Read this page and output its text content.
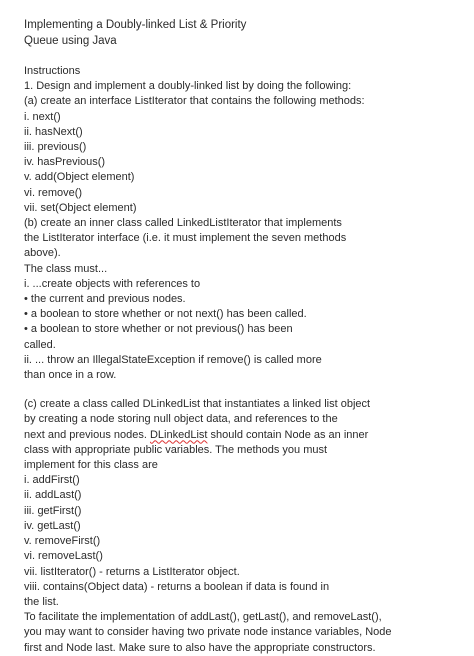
Implementing a Doubly-linked List & Priority
Queue using Java
Instructions
1. Design and implement a doubly-linked list by doing the following:
(a) create an interface ListIterator that contains the following methods:
i. next()
ii. hasNext()
iii. previous()
iv. hasPrevious()
v. add(Object element)
vi. remove()
vii. set(Object element)
(b) create an inner class called LinkedListIterator that implements
the ListIterator interface (i.e. it must implement the seven methods
above).
The class must...
i. ...create objects with references to
• the current and previous nodes.
• a boolean to store whether or not next() has been called.
• a boolean to store whether or not previous() has been
called.
ii. ... throw an IllegalStateException if remove() is called more
than once in a row.
(c) create a class called DLinkedList that instantiates a linked list object
by creating a node storing null object data, and references to the
next and previous nodes. DLinkedList should contain Node as an inner
class with appropriate public variables. The methods you must
implement for this class are
i. addFirst()
ii. addLast()
iii. getFirst()
iv. getLast()
v. removeFirst()
vi. removeLast()
vii. listIterator() - returns a ListIterator object.
viii. contains(Object data) - returns a boolean if data is found in
the list.
To facilitate the implementation of addLast(), getLast(), and removeLast(),
you may want to consider having two private node instance variables, Node
first and Node last. Make sure to also have the appropriate constructors.
